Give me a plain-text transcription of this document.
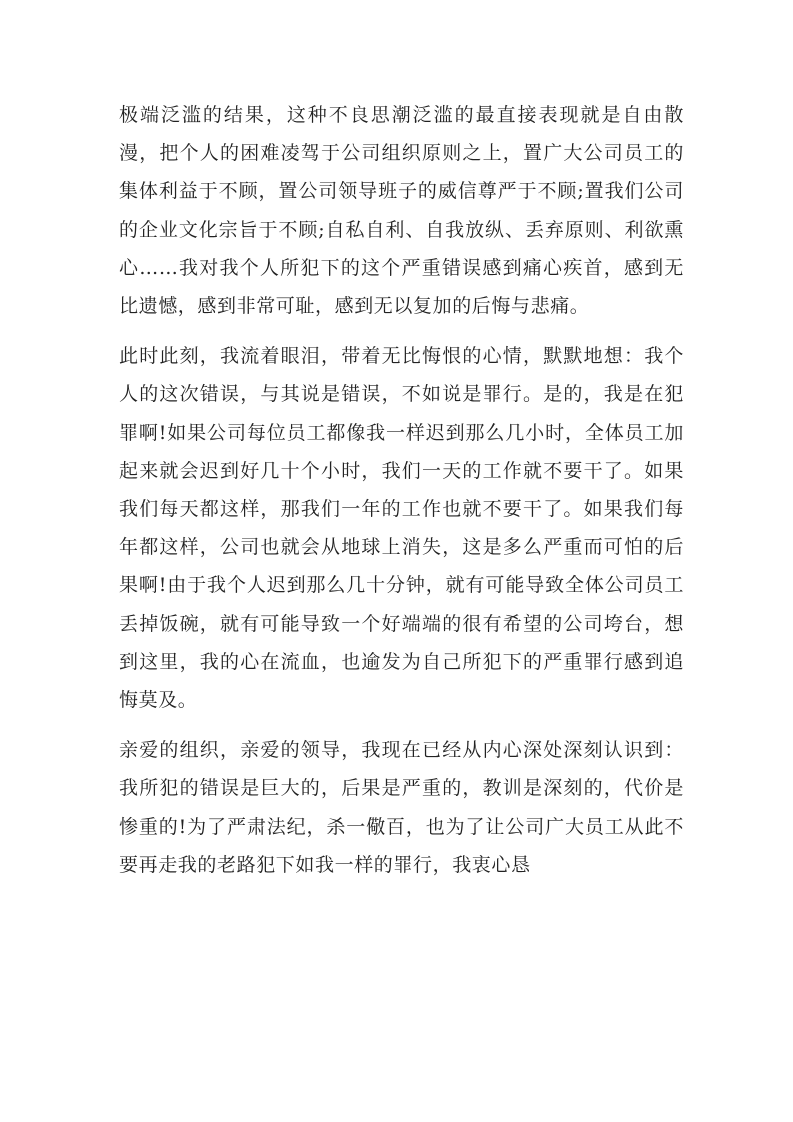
极端泛滥的结果，这种不良思潮泛滥的最直接表现就是自由散漫，把个人的困难凌驾于公司组织原则之上，置广大公司员工的集体利益于不顾，置公司领导班子的威信尊严于不顾;置我们公司的企业文化宗旨于不顾;自私自利、自我放纵、丢弃原则、利欲熏心……我对我个人所犯下的这个严重错误感到痛心疾首，感到无比遗憾，感到非常可耻，感到无以复加的后悔与悲痛。

此时此刻，我流着眼泪，带着无比悔恨的心情，默默地想：我个人的这次错误，与其说是错误，不如说是罪行。是的，我是在犯罪啊!如果公司每位员工都像我一样迟到那么几小时，全体员工加起来就会迟到好几十个小时，我们一天的工作就不要干了。如果我们每天都这样，那我们一年的工作也就不要干了。如果我们每年都这样，公司也就会从地球上消失，这是多么严重而可怕的后果啊!由于我个人迟到那么几十分钟，就有可能导致全体公司员工丢掉饭碗，就有可能导致一个好端端的很有希望的公司垮台，想到这里，我的心在流血，也逾发为自己所犯下的严重罪行感到追悔莫及。

亲爱的组织，亲爱的领导，我现在已经从内心深处深刻认识到：我所犯的错误是巨大的，后果是严重的，教训是深刻的，代价是惨重的!为了严肃法纪，杀一儆百，也为了让公司广大员工从此不要再走我的老路犯下如我一样的罪行，我衷心恳
